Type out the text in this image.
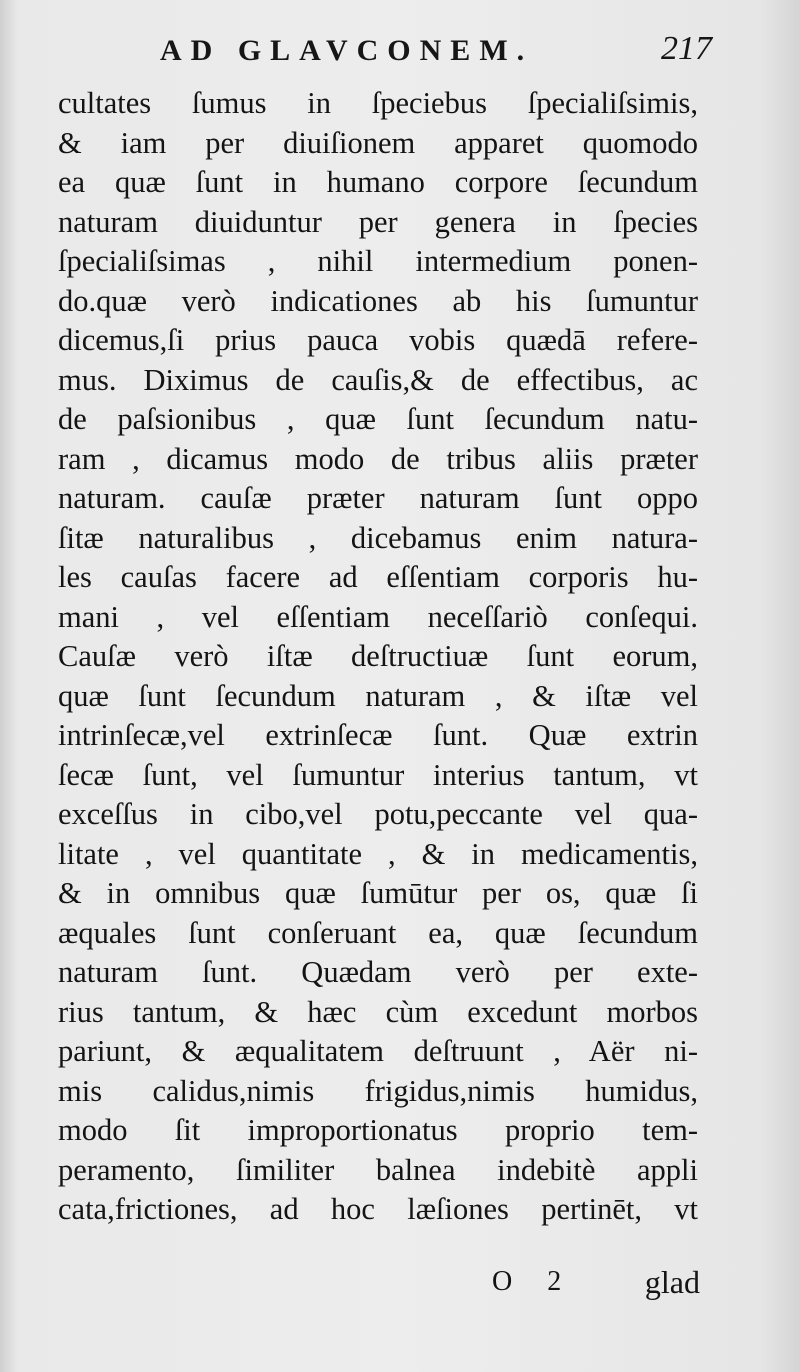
AD GLAVCONEM.	217
cultates ſumus in ſpeciebus ſpecialiſsimis,
& iam per diuiſionem apparet quomodo
ea quæ ſunt in humano corpore ſecundum
naturam diuiduntur per genera in ſpecies
ſpecialiſsimas , nihil intermedium ponen-
do.quæ verò indicationes ab his ſumuntur
dicemus,ſi prius pauca vobis quædā refere-
mus. Diximus de cauſis,& de effectibus, ac
de paſsionibus , quæ ſunt ſecundum natu-
ram , dicamus modo de tribus aliis præter
naturam. cauſæ præter naturam ſunt oppo
ſitæ naturalibus , dicebamus enim natura-
les cauſas facere ad eſſentiam corporis hu-
mani , vel eſſentiam neceſſariò conſequi.
Cauſæ verò iſtæ deſtructiuæ ſunt eorum,
quæ ſunt ſecundum naturam , & iſtæ vel
intrinſecæ,vel extrinſecæ ſunt. Quæ extrin
ſecæ ſunt, vel ſumuntur interius tantum, vt
exceſſus in cibo,vel potu,peccante vel qua-
litate , vel quantitate , & in medicamentis,
& in omnibus quæ ſumūtur per os, quæ ſi
æquales ſunt conſeruant ea, quæ ſecundum
naturam ſunt. Quædam verò per exte-
rius tantum, & hæc cùm excedunt morbos
pariunt, & æqualitatem deſtruunt , Aër ni-
mis calidus,nimis frigidus,nimis humidus,
modo ſit improportionatus proprio tem-
peramento, ſimiliter balnea indebitè appli
cata,frictiones, ad hoc læſiones pertinēt, vt
O 2 glad
